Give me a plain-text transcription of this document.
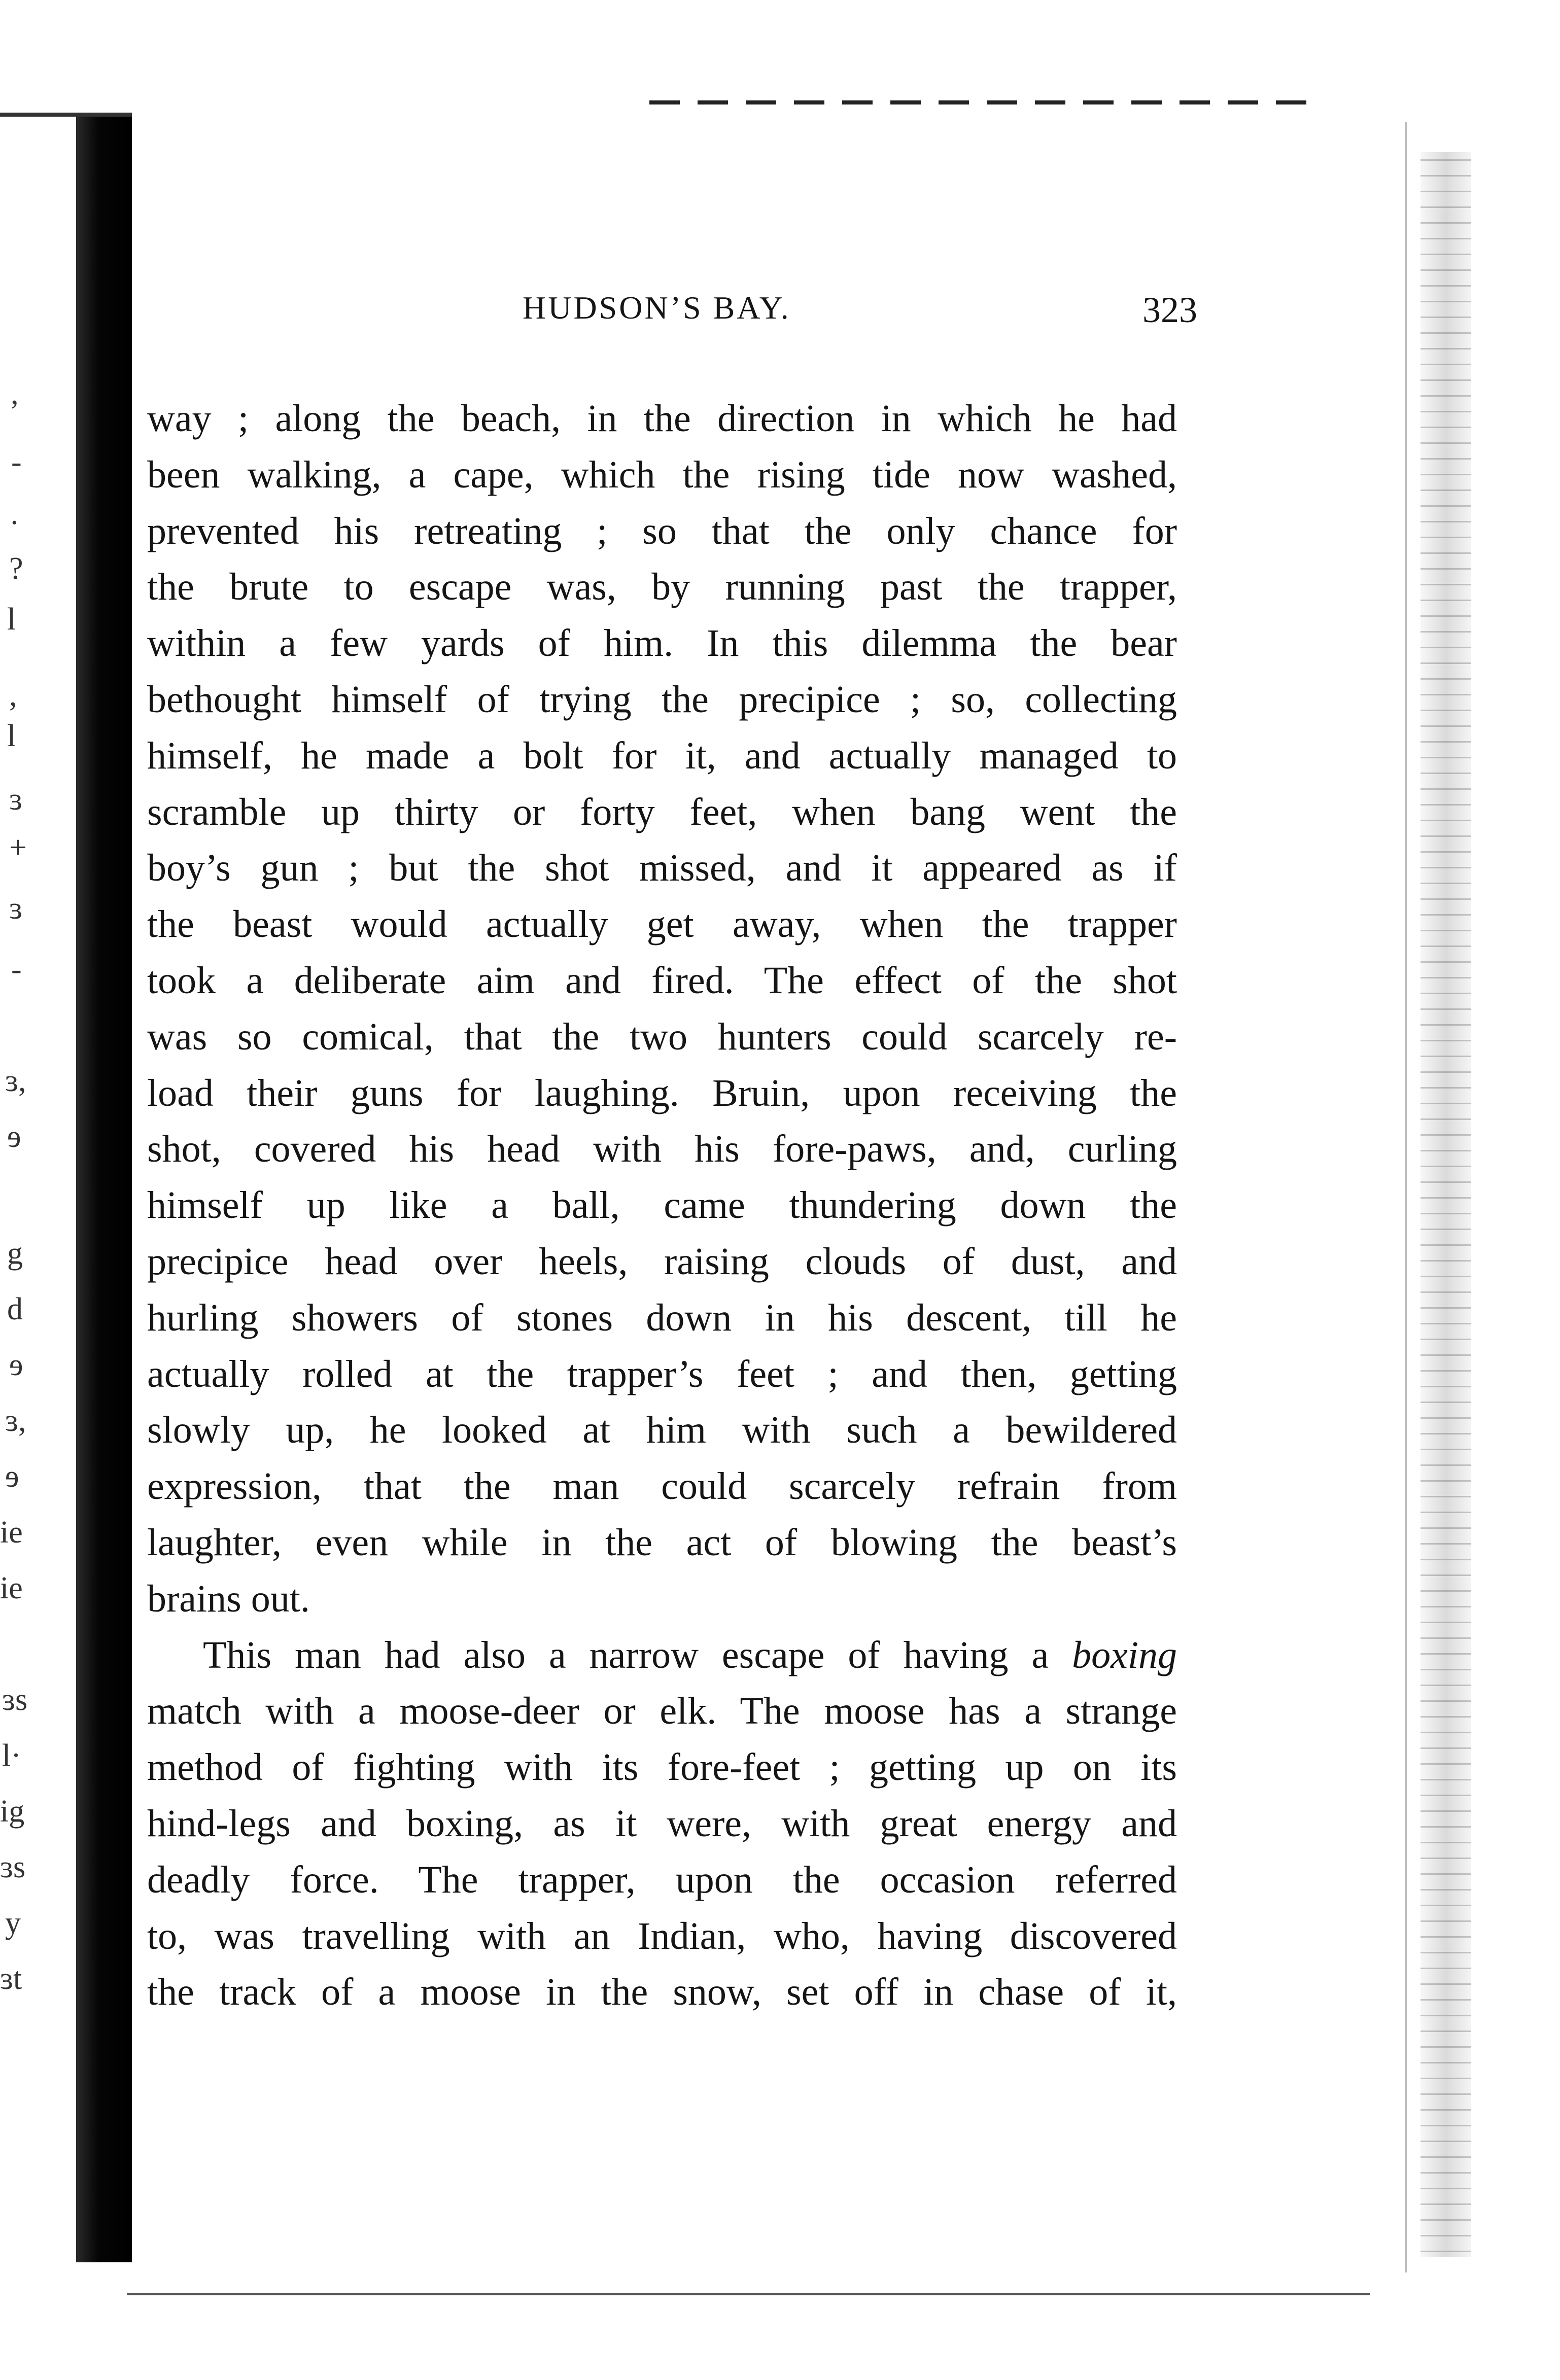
’
-
·
?
l
,
l
ɜ
+
ɜ
-
ɜ,
ɘ
g
d
ɘ
ɜ,
ɘ
ie
ie
ɜs
l·
ig
ɜs
y
ɜt
HUDSON’S BAY.	323
way ; along the beach, in the direction in which he had
been walking, a cape, which the rising tide now washed,
prevented his retreating ; so that the only chance for
the brute to escape was, by running past the trapper,
within a few yards of him. In this dilemma the bear
bethought himself of trying the precipice ; so, collecting
himself, he made a bolt for it, and actually managed to
scramble up thirty or forty feet, when bang went the
boy’s gun ; but the shot missed, and it appeared as if
the beast would actually get away, when the trapper
took a deliberate aim and fired. The effect of the shot
was so comical, that the two hunters could scarcely re-
load their guns for laughing. Bruin, upon receiving the
shot, covered his head with his fore-paws, and, curling
himself up like a ball, came thundering down the
precipice head over heels, raising clouds of dust, and
hurling showers of stones down in his descent, till he
actually rolled at the trapper’s feet ; and then, getting
slowly up, he looked at him with such a bewildered
expression, that the man could scarcely refrain from
laughter, even while in the act of blowing the beast’s
brains out.
This man had also a narrow escape of having a boxing
match with a moose-deer or elk. The moose has a strange
method of fighting with its fore-feet ; getting up on its
hind-legs and boxing, as it were, with great energy and
deadly force. The trapper, upon the occasion referred
to, was travelling with an Indian, who, having discovered
the track of a moose in the snow, set off in chase of it,
